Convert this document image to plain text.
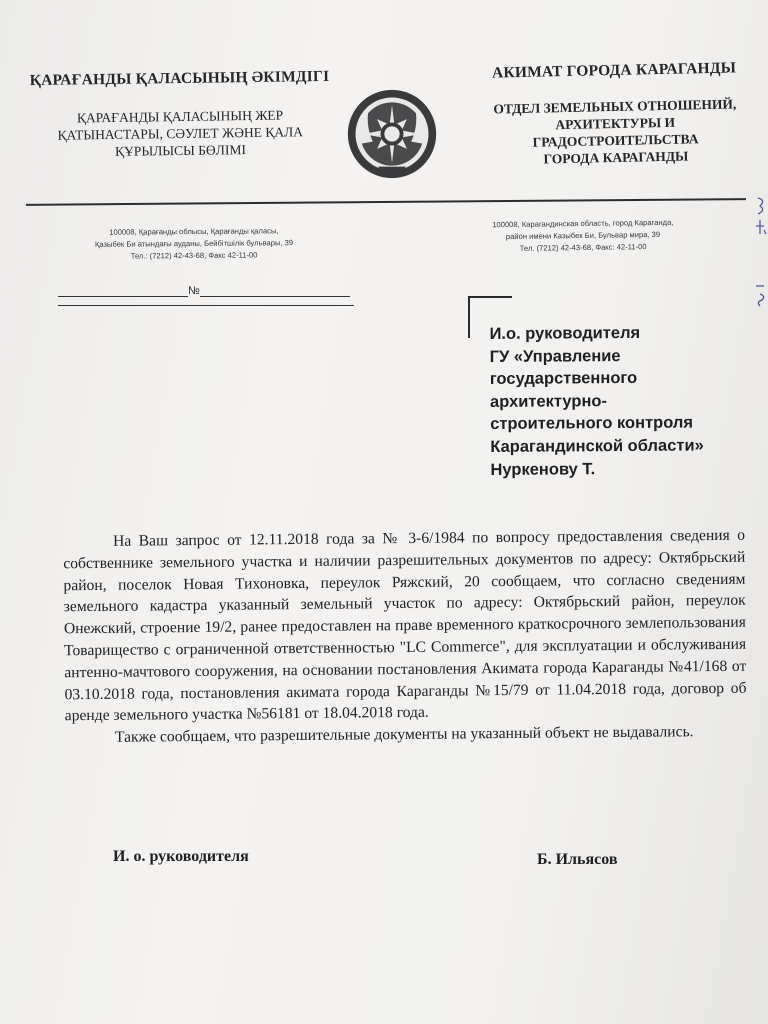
ҚАРАҒАНДЫ ҚАЛАСЫНЫҢ ӘКІМДІГІ
ҚАРАҒАНДЫ ҚАЛАСЫНЫҢ ЖЕР
ҚАТЫНАСТАРЫ, СӘУЛЕТ ЖӘНЕ ҚАЛА
ҚҰРЫЛЫСЫ БӨЛІМІ
АКИМАТ ГОРОДА КАРАГАНДЫ
ОТДЕЛ ЗЕМЕЛЬНЫХ ОТНОШЕНИЙ,
АРХИТЕКТУРЫ И
ГРАДОСТРОИТЕЛЬСТВА
ГОРОДА КАРАГАНДЫ
100008, Қарағанды облысы, Қарағанды қаласы,
Қазыбек Би атындағы ауданы, Бейбітшілік бульвары, 39
Тел.: (7212) 42-43-68, Факс 42-11-00
100008, Карагандинская область, город Караганда,
район имени Казыбек Би, Бульвар мира, 39
Тел. (7212) 42-43-68, Факс: 42-11-00
№
И.о. руководителя
ГУ «Управление
государственного
архитектурно-
строительного контроля
Карагандинской области»
Нуркенову Т.

На Ваш запрос от 12.11.2018 года за № 3-6/1984 по вопросу предоставления сведения о собственнике земельного участка и наличии разрешительных документов по адресу: Октябрьский район, поселок Новая Тихоновка, переулок Ряжский, 20 сообщаем, что согласно сведениям земельного кадастра указанный земельный участок по адресу: Октябрьский район, переулок Онежский, строение 19/2, ранее предоставлен на праве временного краткосрочного землепользования Товарищество с ограниченной ответственностью "LC Commerce", для эксплуатации и обслуживания антенно-мачтового сооружения, на основании постановления Акимата города Караганды №41/168 от 03.10.2018 года, постановления акимата города Караганды №15/79 от 11.04.2018 года, договор об аренде земельного участка №56181 от 18.04.2018 года.

Также сообщаем, что разрешительные документы на указанный объект не выдавались.

И. о. руководителя	Б. Ильясов
